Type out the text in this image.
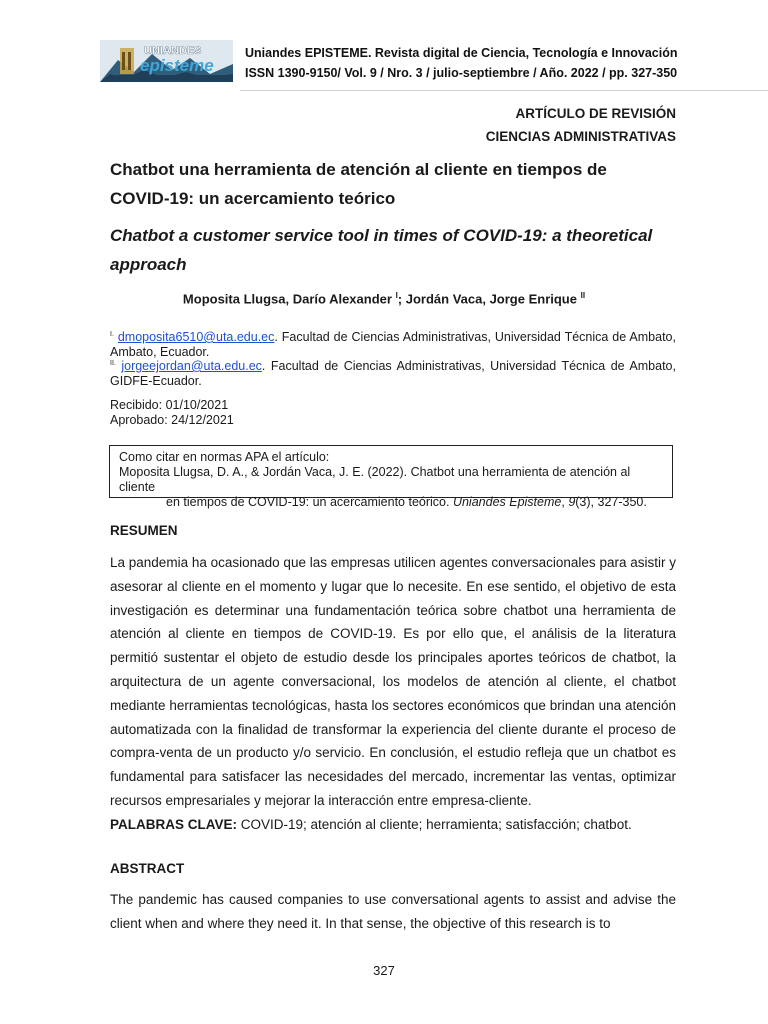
UNIANDES
episteme
Uniandes EPISTEME. Revista digital de Ciencia, Tecnología e Innovación
ISSN 1390-9150/ Vol. 9 / Nro. 3 / julio-septiembre / Año. 2022 / pp. 327-350
ARTÍCULO DE REVISIÓN
CIENCIAS ADMINISTRATIVAS
Chatbot una herramienta de atención al cliente en tiempos de COVID-19: un acercamiento teórico
Chatbot a customer service tool in times of COVID-19: a theoretical approach
Moposita Llugsa, Darío Alexander $^I$; Jordán Vaca, Jorge Enrique $^{II}$
$^{I.}$ dmoposita6510@uta.edu.ec. Facultad de Ciencias Administrativas, Universidad Técnica de Ambato, Ambato, Ecuador.
$^{II.}$ jorgeejordan@uta.edu.ec. Facultad de Ciencias Administrativas, Universidad Técnica de Ambato, GIDFE-Ecuador.
Recibido: 01/10/2021
Aprobado: 24/12/2021
Como citar en normas APA el artículo:
Moposita Llugsa, D. A., & Jordán Vaca, J. E. (2022). Chatbot una herramienta de atención al cliente
en tiempos de COVID-19: un acercamiento teórico. Uniandes Episteme, 9(3), 327-350.
RESUMEN
La pandemia ha ocasionado que las empresas utilicen agentes conversacionales para asistir y asesorar al cliente en el momento y lugar que lo necesite. En ese sentido, el objetivo de esta investigación es determinar una fundamentación teórica sobre chatbot una herramienta de atención al cliente en tiempos de COVID-19. Es por ello que, el análisis de la literatura permitió sustentar el objeto de estudio desde los principales aportes teóricos de chatbot, la arquitectura de un agente conversacional, los modelos de atención al cliente, el chatbot mediante herramientas tecnológicas, hasta los sectores económicos que brindan una atención automatizada con la finalidad de transformar la experiencia del cliente durante el proceso de compra-venta de un producto y/o servicio. En conclusión, el estudio refleja que un chatbot es fundamental para satisfacer las necesidades del mercado, incrementar las ventas, optimizar recursos empresariales y mejorar la interacción entre empresa-cliente.
PALABRAS CLAVE: COVID-19; atención al cliente; herramienta; satisfacción; chatbot.
ABSTRACT
The pandemic has caused companies to use conversational agents to assist and advise the client when and where they need it. In that sense, the objective of this research is to
327
